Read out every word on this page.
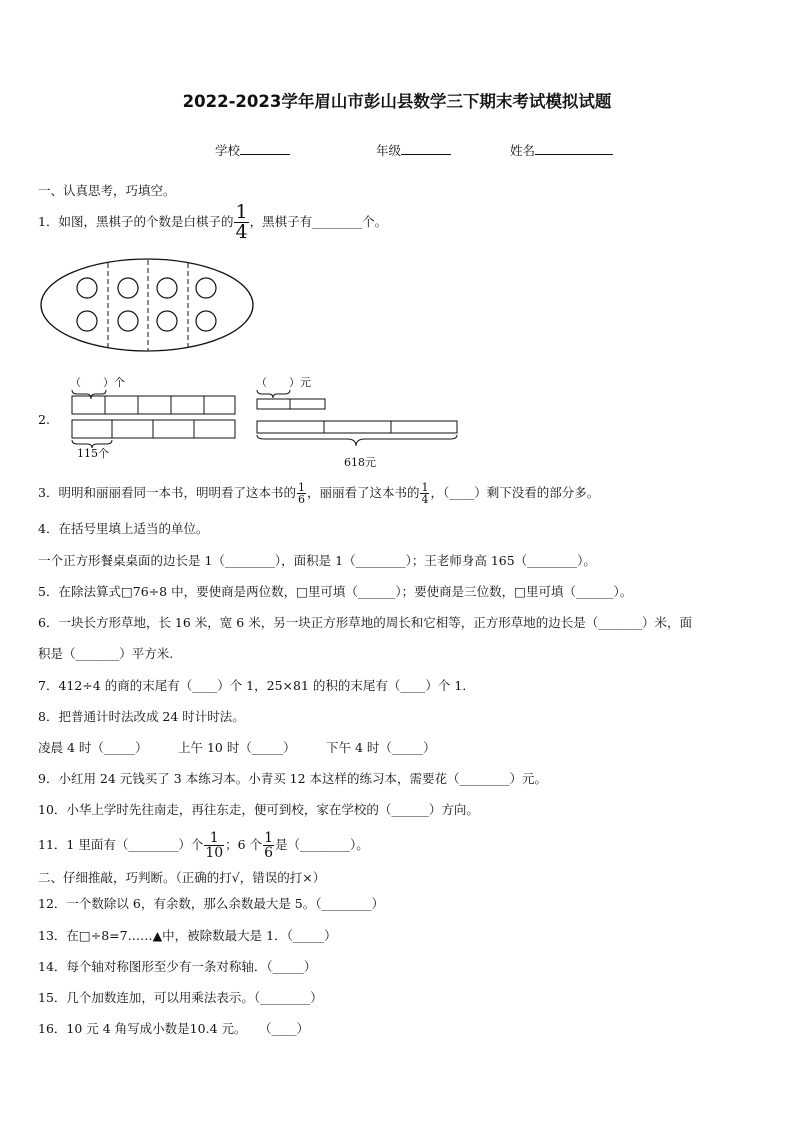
2022-2023学年眉山市彭山县数学三下期末考试模拟试题
学校	年级	姓名
一、认真思考，巧填空。
1．如图，黑棋子的个数是白棋子的 $\frac{1}{4}$ ，黑棋子有________个。
2.
（　　）个
115个
（　　）元
618元
3．明明和丽丽看同一本书，明明看了这本书的 $\frac{1}{6}$ ，丽丽看了这本书的 $\frac{1}{4}$ ，（____）剩下没看的部分多。
4．在括号里填上适当的单位。
一个正方形餐桌桌面的边长是 1（________），面积是 1（________）；王老师身高 165（________）。
5．在除法算式□76÷8 中，要使商是两位数，□里可填（______）；要使商是三位数，□里可填（______）。
6．一块长方形草地，长 16 米，宽 6 米，另一块正方形草地的周长和它相等，正方形草地的边长是（_______）米，面
积是（_______）平方米.
7．412÷4 的商的末尾有（____）个 1，25×81 的积的末尾有（____）个 1．
8．把普通计时法改成 24 时计时法。
凌晨 4 时（_____） 上午 10 时（_____） 下午 4 时（_____）
9．小红用 24 元钱买了 3 本练习本。小青买 12 本这样的练习本，需要花（________）元。
10．小华上学时先往南走，再往东走，便可到校，家在学校的（______）方向。
11．1 里面有（________）个 $\frac{1}{10}$ ；6 个 $\frac{1}{6}$ 是（________）。
二、仔细推敲，巧判断。（正确的打√，错误的打×）
12．一个数除以 6，有余数，那么余数最大是 5。（________）
13．在□÷8=7……▲中，被除数最大是 1．（_____）
14．每个轴对称图形至少有一条对称轴．（_____）
15．几个加数连加，可以用乘法表示。（________）
16．10 元 4 角写成小数是10.4 元。　　（____）
